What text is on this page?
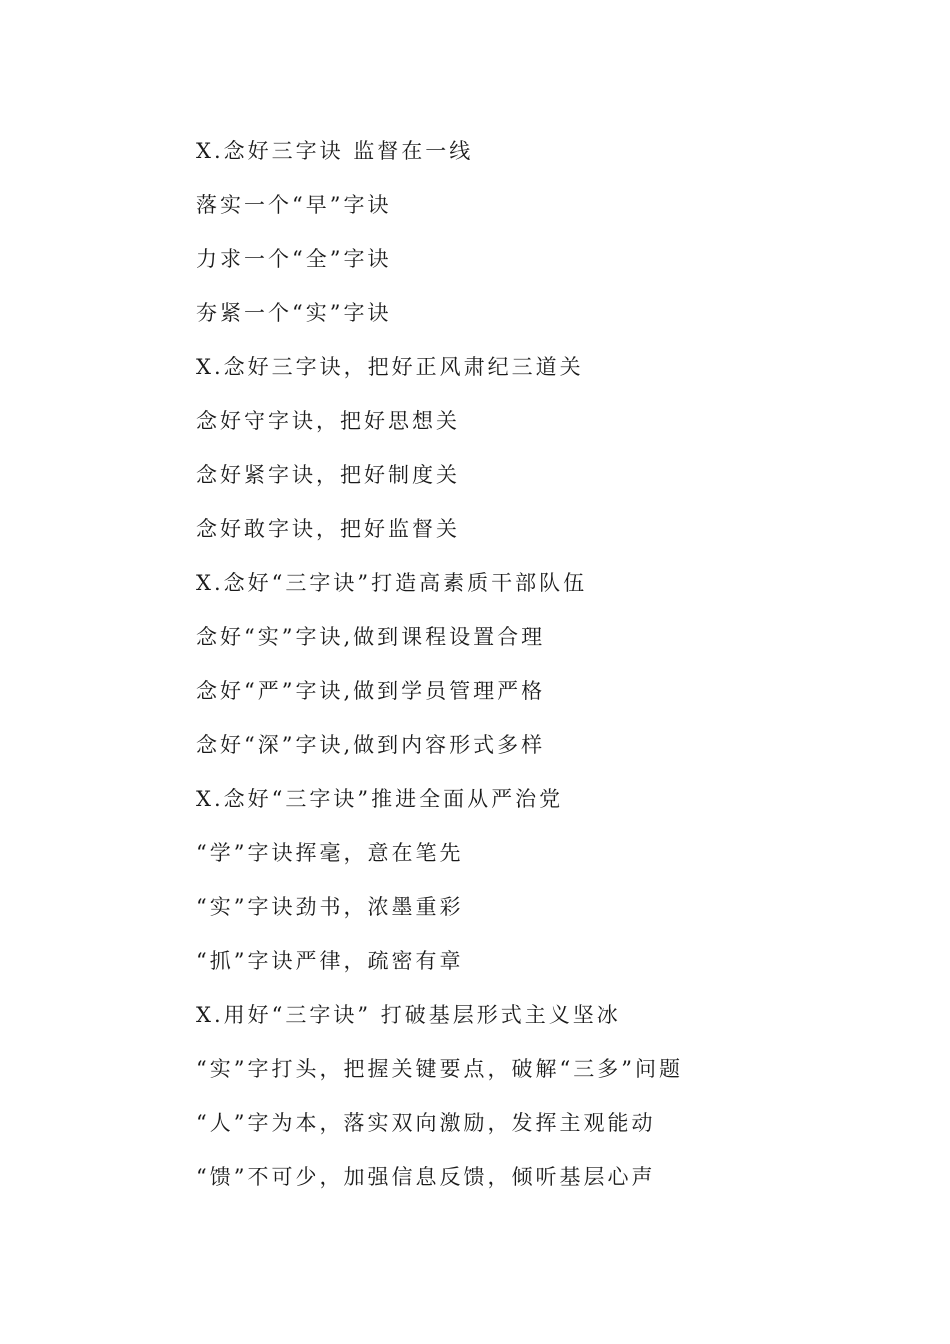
X.念好三字诀 监督在一线
落实一个“早”字诀
力求一个“全”字诀
夯紧一个“实”字诀
X.念好三字诀，把好正风肃纪三道关
念好守字诀，把好思想关
念好紧字诀，把好制度关
念好敢字诀，把好监督关
X.念好“三字诀”打造高素质干部队伍
念好“实”字诀,做到课程设置合理
念好“严”字诀,做到学员管理严格
念好“深”字诀,做到内容形式多样
X.念好“三字诀”推进全面从严治党
“学”字诀挥毫，意在笔先
“实”字诀劲书，浓墨重彩
“抓”字诀严律，疏密有章
X.用好“三字诀” 打破基层形式主义坚冰
“实”字打头，把握关键要点，破解“三多”问题
“人”字为本，落实双向激励，发挥主观能动
“馈”不可少，加强信息反馈，倾听基层心声
